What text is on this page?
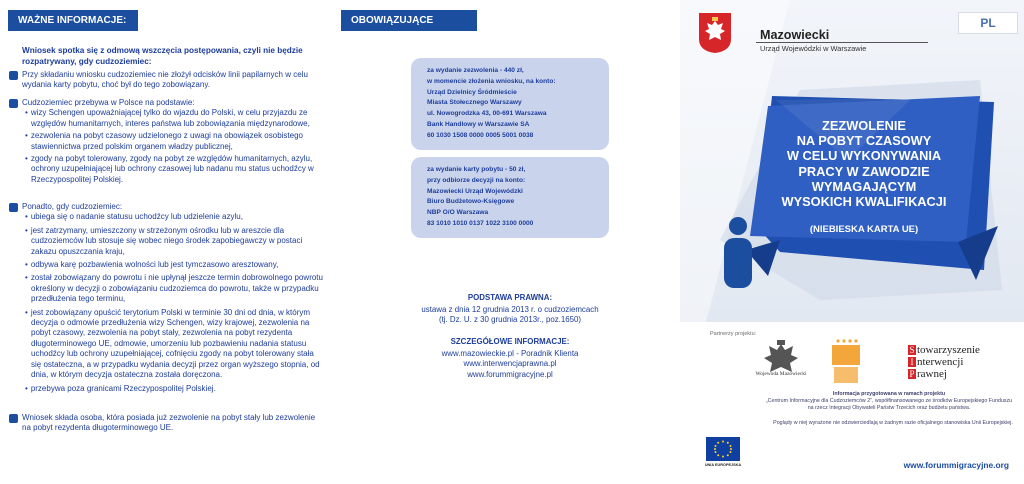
WAŻNE INFORMACJE:
Wniosek spotka się z odmową wszczęcia postępowania, czyli nie będzie rozpatrywany, gdy cudzoziemiec:
Przy składaniu wniosku cudzoziemiec nie złożył odcisków linii papilarnych w celu wydania karty pobytu, choć był do tego zobowiązany.
Cudzoziemiec przebywa w Polsce na podstawie:
• wizy Schengen upoważniającej tylko do wjazdu do Polski, w celu przyjazdu ze względów humanitarnych, interes państwa lub zobowiązania międzynarodowe,
• zezwolenia na pobyt czasowy udzielonego z uwagi na obowiązek osobistego stawiennictwa przed polskim organem władzy publicznej,
• zgody na pobyt tolerowany, zgody na pobyt ze względów humanitarnych, azylu, ochrony uzupełniającej lub ochrony czasowej lub nadanu mu status uchodźcy w Rzeczypospolitej Polskiej.
Ponadto, gdy cudzoziemiec:
• ubiega się o nadanie statusu uchodźcy lub udzielenie azylu,
• jest zatrzymany, umieszczony w strzeżonym ośrodku lub w areszcie dla cudzoziemców lub stosuje się wobec niego środek zapobiegawczy w postaci zakazu opuszczania kraju,
• odbywa karę pozbawienia wolności lub jest tymczasowo aresztowany,
• został zobowiązany do powrotu i nie upłynął jeszcze termin dobrowolnego powrotu określony w decyzji o zobowiązaniu cudzoziemca do powrotu, także w przypadku przedłużenia tego terminu,
• jest zobowiązany opuścić terytorium Polski w terminie 30 dni od dnia, w którym decyzja o odmowie przedłużenia wizy Schengen, wizy krajowej, zezwolenia na pobyt czasowy, zezwolenia na pobyt stały, zezwolenia na pobyt rezydenta długoterminowego UE, odmowie, umorzeniu lub pozbawieniu nadania statusu uchodźcy lub ochrony uzupełniającej, cofnięciu zgody na pobyt tolerowany stała się ostateczna, a w przypadku wydania decyzji przez organ wyższego stopnia, od dnia, w którym decyzja ostateczna została doręczona.
• przebywa poza granicami Rzeczypospolitej Polskiej.
Wniosek składa osoba, która posiada już zezwolenie na pobyt stały lub zezwolenie na pobyt rezydenta długoterminowego UE.
OBOWIĄZUJĄCE OPŁATY:
za wydanie zezwolenia - 440 zł,
w momencie złożenia wniosku, na konto:
Urząd Dzielnicy Śródmieście
Miasta Stołecznego Warszawy
ul. Nowogrodzka 43, 00-691 Warszawa
Bank Handlowy w Warszawie SA
60 1030 1508 0000 0005 5001 0038
za wydanie karty pobytu - 50 zł,
przy odbiorze decyzji na konto:
Mazowiecki Urząd Wojewódzki
Biuro Budżetowo-Księgowe
NBP O/O Warszawa
83 1010 1010 0137 1022 3100 0000
PODSTAWA PRAWNA:
ustawa z dnia 12 grudnia 2013 r. o cudzoziemcach
(tj. Dz. U. z 30 grudnia 2013r., poz.1650)
SZCZEGÓŁOWE INFORMACJE:
www.mazowieckie.pl - Poradnik Klienta
www.interwencjaprawna.pl
www.forummigracyjne.pl
PL
Mazowiecki
Urząd Wojewódzki w Warszawie
ZEZWOLENIE
NA POBYT CZASOWY
W CELU WYKONYWANIA
PRACY W ZAWODZIE
WYMAGAJĄCYM
WYSOKICH KWALIFIKACJI
(NIEBIESKA KARTA UE)
Partnerzy projektu:
Wojewoda Mazowiecki
S towarzyszenie
I nterwencji
P rawnej
Informacja przygotowana w ramach projektu
„Centrum Informacyjne dla Cudzoziemców 2”, współfinansowanego ze środków Europejskiego Funduszu
na rzecz Integracji Obywateli Państw Trzecich oraz budżetu państwa.
Poglądy w niej wyrażone nie odzwierciedlają w żadnym razie oficjalnego stanowiska Unii Europejskiej.
UNIA EUROPEJSKA	www.forummigracyjne.org
